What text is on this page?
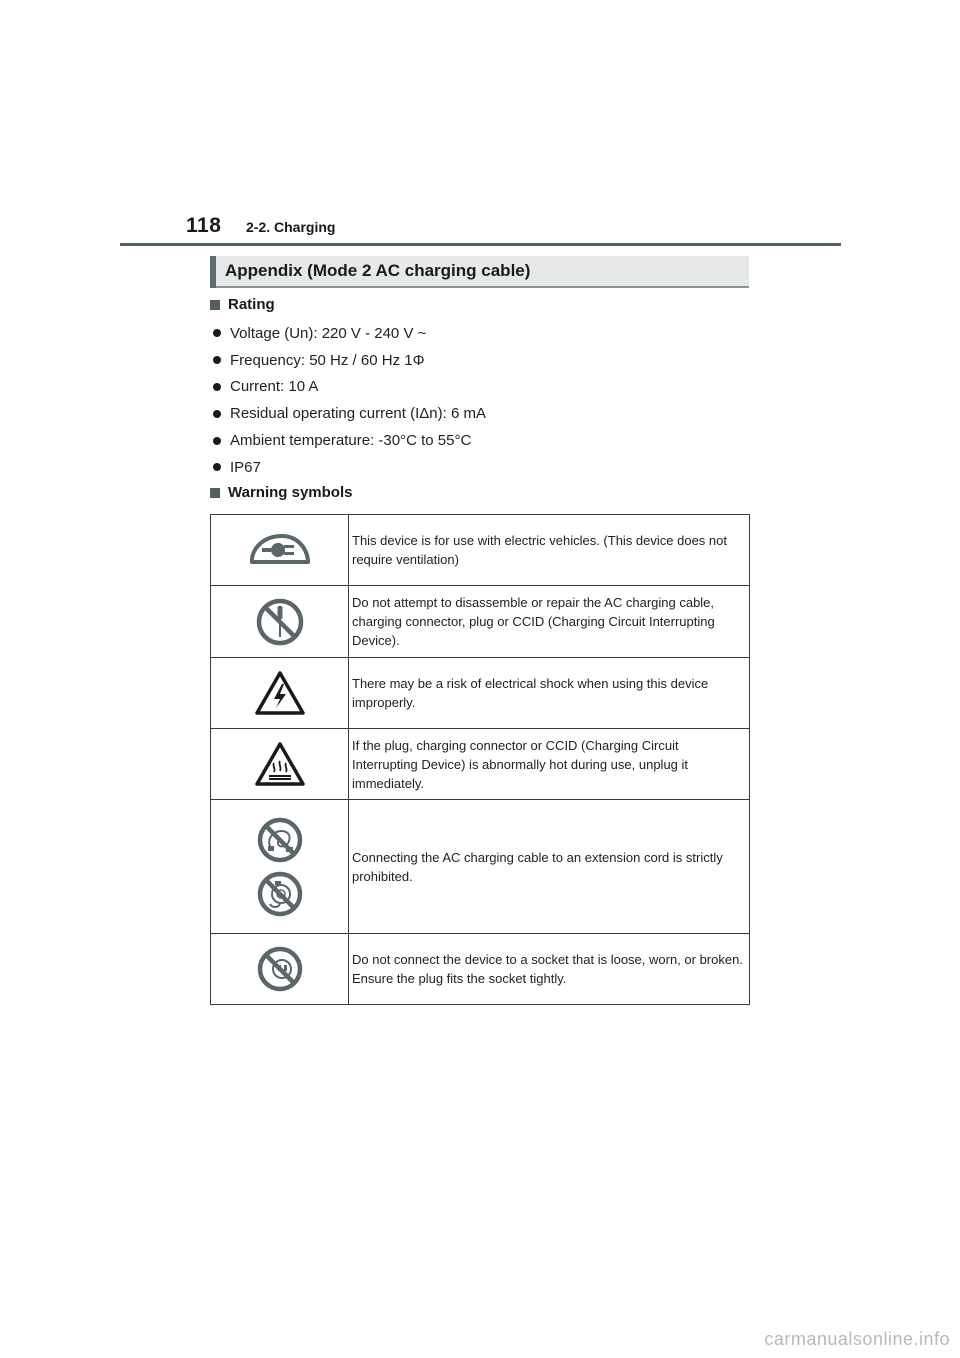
118 2-2. Charging
Appendix (Mode 2 AC charging cable)
Rating
Voltage (Un): 220 V - 240 V ~
Frequency: 50 Hz / 60 Hz 1Φ
Current: 10 A
Residual operating current (IΔn): 6 mA
Ambient temperature: -30°C to 55°C
IP67
Warning symbols
	This device is for use with electric vehicles. (This device does not require ventilation)

	Do not attempt to disassemble or repair the AC charging cable, charging connector, plug or CCID (Charging Circuit Interrupting Device).

	There may be a risk of electrical shock when using this device improperly.

	If the plug, charging connector or CCID (Charging Circuit Interrupting Device) is abnormally hot during use, unplug it immediately.

	Connecting the AC charging cable to an extension cord is strictly prohibited.

	Do not connect the device to a socket that is loose, worn, or broken. Ensure the plug fits the socket tightly.
carmanualsonline.info
